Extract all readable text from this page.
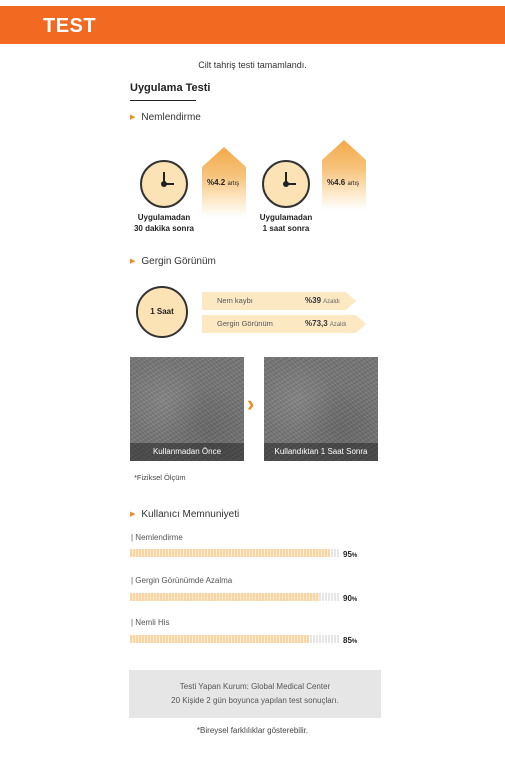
TEST
Cilt tahriş testi tamamlandı.
Uygulama Testi
▶ Nemlendirme
Uygulamadan
30 dakika sonra
%4.2 artış
Uygulamadan
1 saat sonra
%4.6 artış
▶ Gergin Görünüm
1 Saat
Nem kaybı	%39 Azaldı
Gergin Görünüm	%73,3 Azaldı
Kullanmadan Önce
›
Kullandıktan 1 Saat Sonra
*Fiziksel Ölçüm
▶ Kullanıcı Memnuniyeti
| Nemlendirme
95%
| Gergin Görünümde Azalma
90%
| Nemli His
85%
Testi Yapan Kurum: Global Medical Center
20 Kişide 2 gün boyunca yapılan test sonuçları.
*Bireysel farklılıklar gösterebilir.
